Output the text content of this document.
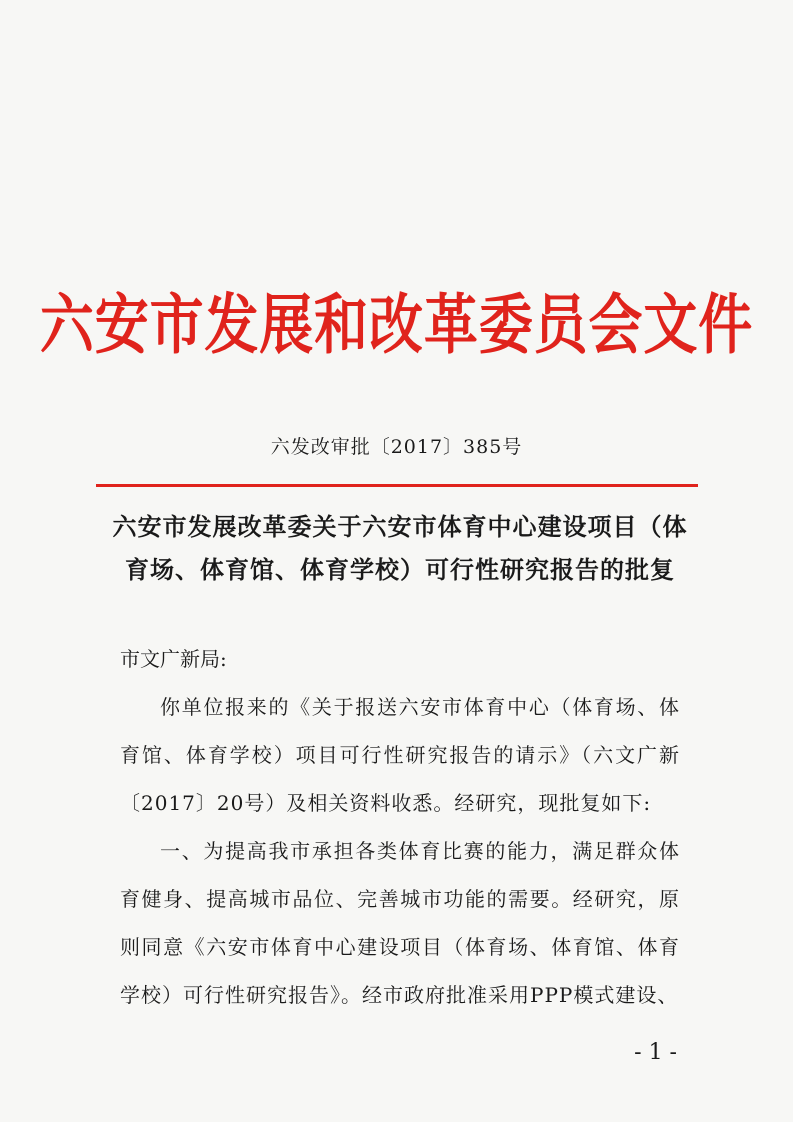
六安市发展和改革委员会文件
六发改审批〔2017〕385号
六安市发展改革委关于六安市体育中心建设项目（体
育场、体育馆、体育学校）可行性研究报告的批复
市文广新局:
你单位报来的《关于报送六安市体育中心（体育场、体育馆、体育学校）项目可行性研究报告的请示》（六文广新〔2017〕20号）及相关资料收悉。经研究，现批复如下:
一、为提高我市承担各类体育比赛的能力，满足群众体育健身、提高城市品位、完善城市功能的需要。经研究，原则同意《六安市体育中心建设项目（体育场、体育馆、体育学校）可行性研究报告》。经市政府批准采用PPP模式建设、
- 1 -
